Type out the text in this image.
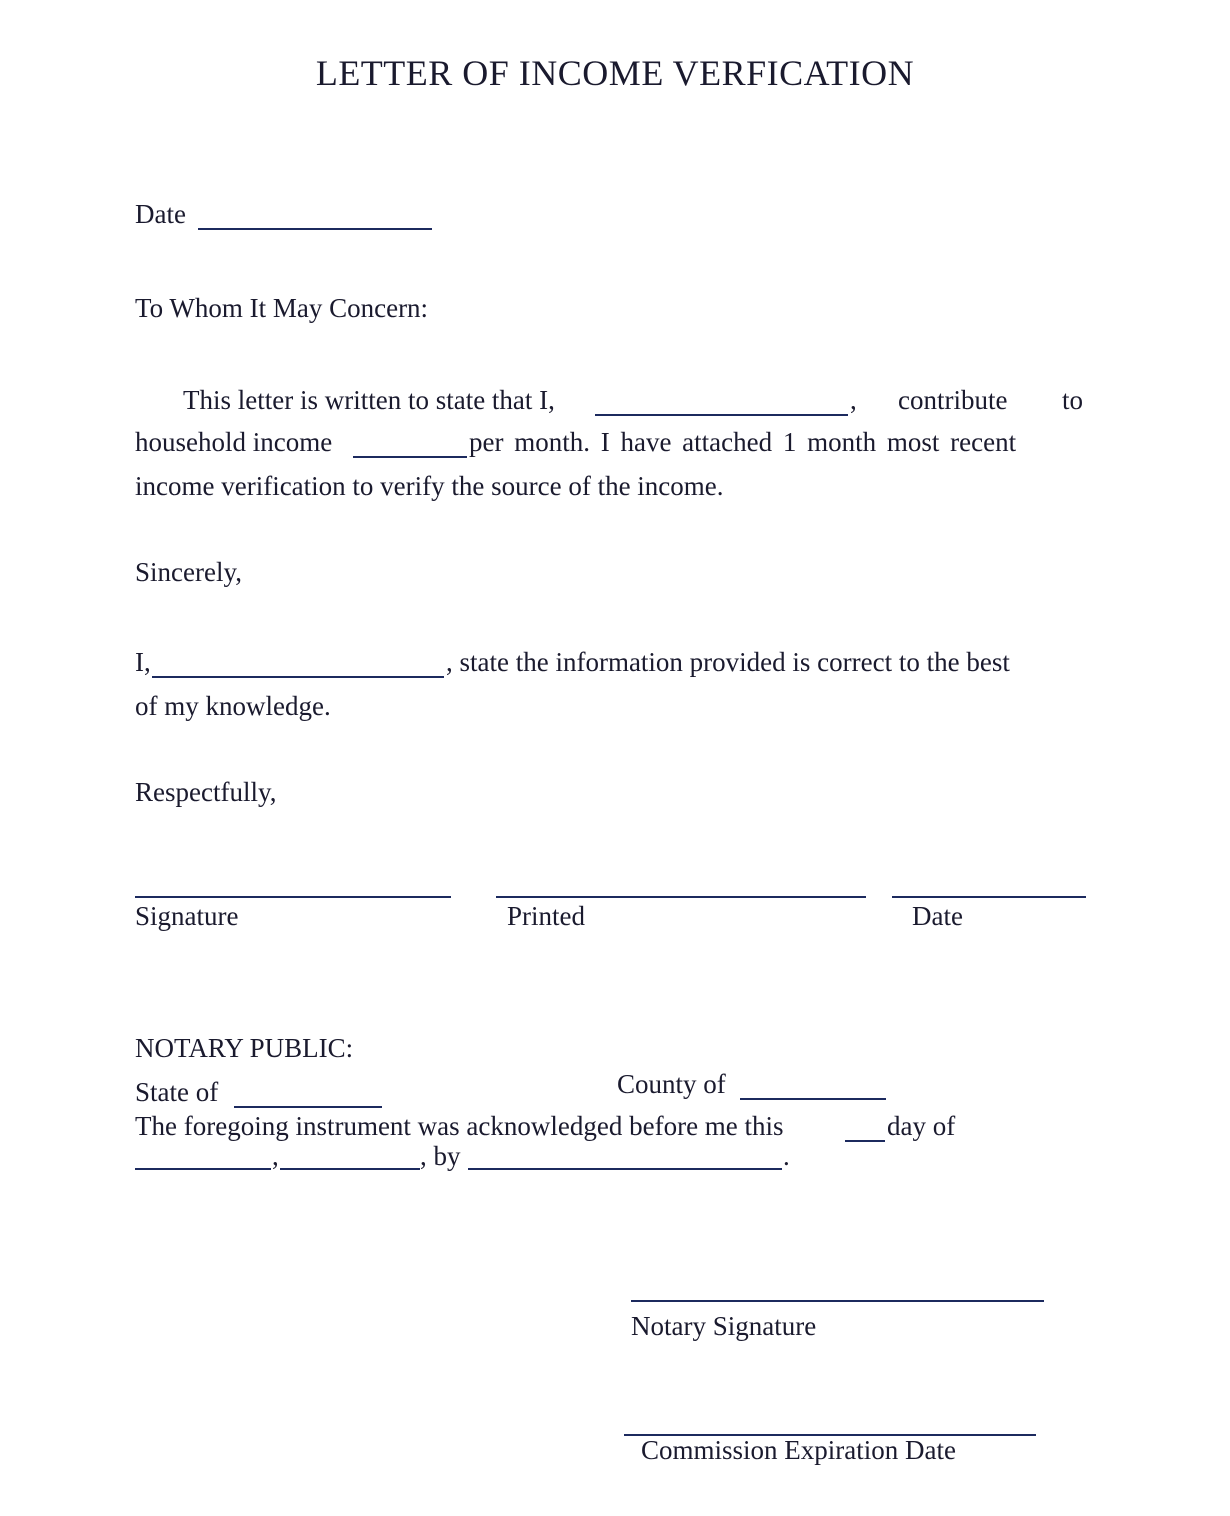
LETTER OF INCOME VERFICATION
Date
To Whom It May Concern:
This letter is written to state that I,	, contribute to
household income	per month. I have attached 1 month most recent
income verification to verify the source of the income.
Sincerely,
I,	, state the information provided is correct to the best
of my knowledge.
Respectfully,
Signature	Printed	Date
NOTARY PUBLIC:
State of	County of
The foregoing instrument was acknowledged before me this	day of
,	, by	.
Notary Signature
Commission Expiration Date
